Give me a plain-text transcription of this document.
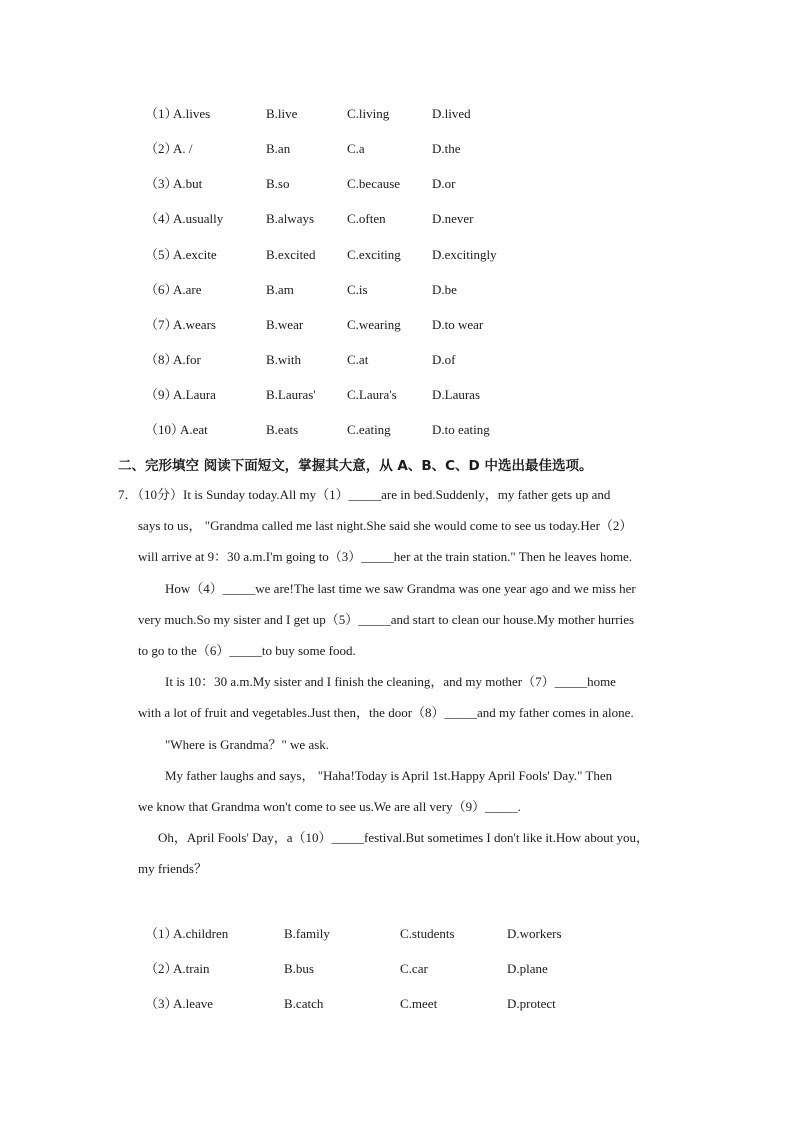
（1）
A.lives	B.live	C.living	D.lived
（2）
A. /	B.an	C.a	D.the
（3）
A.but	B.so	C.because D.or
（4）
A.usually	B.always	C.often	D.never
（5）
A.excite	B.excited C.exciting D.excitingly
（6）
A.are	B.am	C.is	D.be
（7）
A.wears	B.wear	C.wearing D.to wear
（8）
A.for	B.with	C.at	D.of
（9）
A.Laura	B.Lauras' C.Laura's	D.Lauras
（10）
A.eat	B.eats	C.eating	D.to eating
二、完形填空 阅读下面短文，掌握其大意，从 A、B、C、D 中选出最佳选项。
7．（10分）It is Sunday today.All my（1）_____are in bed.Suddenly，my father gets up and
says to us， "Grandma called me last night.She said she would come to see us today.Her（2）
will arrive at 9：30 a.m.I'm going to（3）_____her at the train station." Then he leaves home.
How（4）_____we are!The last time we saw Grandma was one year ago and we miss her
very much.So my sister and I get up（5）_____and start to clean our house.My mother hurries
to go to the（6）_____to buy some food.
It is 10：30 a.m.My sister and I finish the cleaning，and my mother（7）_____home
with a lot of fruit and vegetables.Just then，the door（8）_____and my father comes in alone.
"Where is Grandma？" we ask.
My father laughs and says， "Haha!Today is April 1st.Happy April Fools' Day." Then
we know that Grandma won't come to see us.We are all very（9）_____.
Oh，April Fools' Day，a（10）_____festival.But sometimes I don't like it.How about you，
my friends？
（1）
A.children	B.family	C.students	D.workers
（2）
A.train	B.bus	C.car	D.plane
（3）
A.leave	B.catch	C.meet	D.protect
